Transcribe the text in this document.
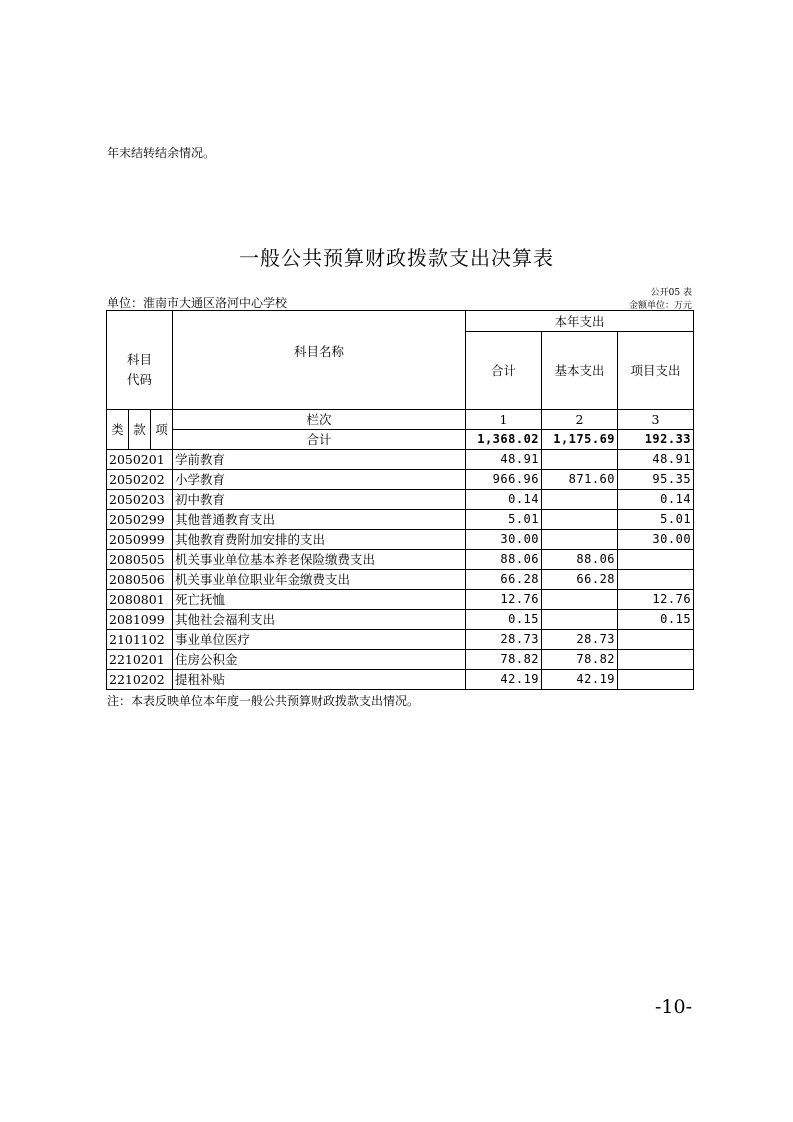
年末结转结余情况。
一般公共预算财政拨款支出决算表
公开05 表
单位：淮南市大通区洛河中心学校	金额单位：万元

科目
代码			科目名称	本年支出		
				合计	基本支出	项目支出
类	款	项	栏次	1	2	3
			合计	1,368.02	1,175.69	192.33
2050201			学前教育	48.91		48.91
2050202			小学教育	966.96	871.60	95.35
2050203			初中教育	0.14		0.14
2050299			其他普通教育支出	5.01		5.01
2050999			其他教育费附加安排的支出	30.00		30.00
2080505			机关事业单位基本养老保险缴费支出	88.06	88.06	
2080506			机关事业单位职业年金缴费支出	66.28	66.28	
2080801			死亡抚恤	12.76		12.76
2081099			其他社会福利支出	0.15		0.15
2101102			事业单位医疗	28.73	28.73	
2210201			住房公积金	78.82	78.82	
2210202			提租补贴	42.19	42.19	
注：本表反映单位本年度一般公共预算财政拨款支出情况。
-10-
